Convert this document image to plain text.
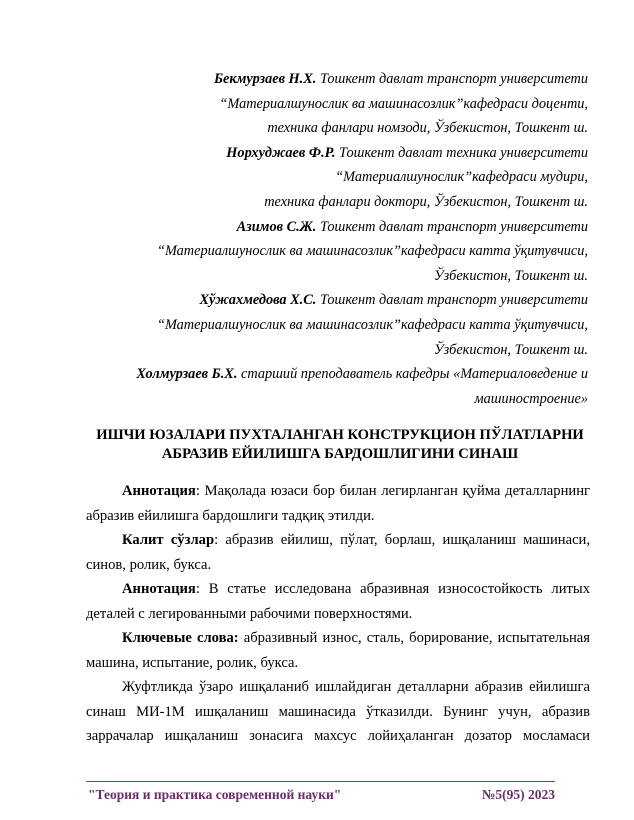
Бекмурзаев Н.Х. Тошкент давлат транспорт университети
“Материалшунослик ва машинасозлик”кафедраси доценти,
техника фанлари номзоди, Ўзбекистон, Тошкент ш.
Норхуджаев Ф.Р. Тошкент давлат техника университети
“Материалшунослик”кафедраси мудири,
техника фанлари доктори, Ўзбекистон, Тошкент ш.
Азимов С.Ж. Тошкент давлат транспорт университети
“Материалшунослик ва машинасозлик”кафедраси катта ўқитувчиси,
Ўзбекистон, Тошкент ш.
Хўжахмедова Х.С. Тошкент давлат транспорт университети
“Материалшунослик ва машинасозлик”кафедраси катта ўқитувчиси,
Ўзбекистон, Тошкент ш.
Холмурзаев Б.Х. старший преподаватель кафедры «Материаловедение и
машиностроение»
ИШЧИ ЮЗАЛАРИ ПУХТАЛАНГАН КОНСТРУКЦИОН ПЎЛАТЛАРНИ
АБРАЗИВ ЕЙИЛИШГА БАРДОШЛИГИНИ СИНАШ

Аннотация: Мақолада юзаси бор билан легирланган қуйма деталларнинг абразив ейилишга бардошлиги тадқиқ этилди.

Калит сўзлар: абразив ейилиш, пўлат, борлаш, ишқаланиш машинаси, синов, ролик, букса.

Аннотация: В статье исследована абразивная износостойкость литых деталей с легированными рабочими поверхностями.

Ключевые слова: абразивный износ, сталь, борирование, испытательная машина, испытание, ролик, букса.

Жуфтликда ўзаро ишқаланиб ишлайдиган деталларни абразив ейилишга синаш МИ-1М ишқаланиш машинасида ўтказилди. Бунинг учун, абразив заррачалар ишқаланиш зонасига махсус лойиҳаланган дозатор мосламаси

"Теория и практика современной науки"	№5(95) 2023
